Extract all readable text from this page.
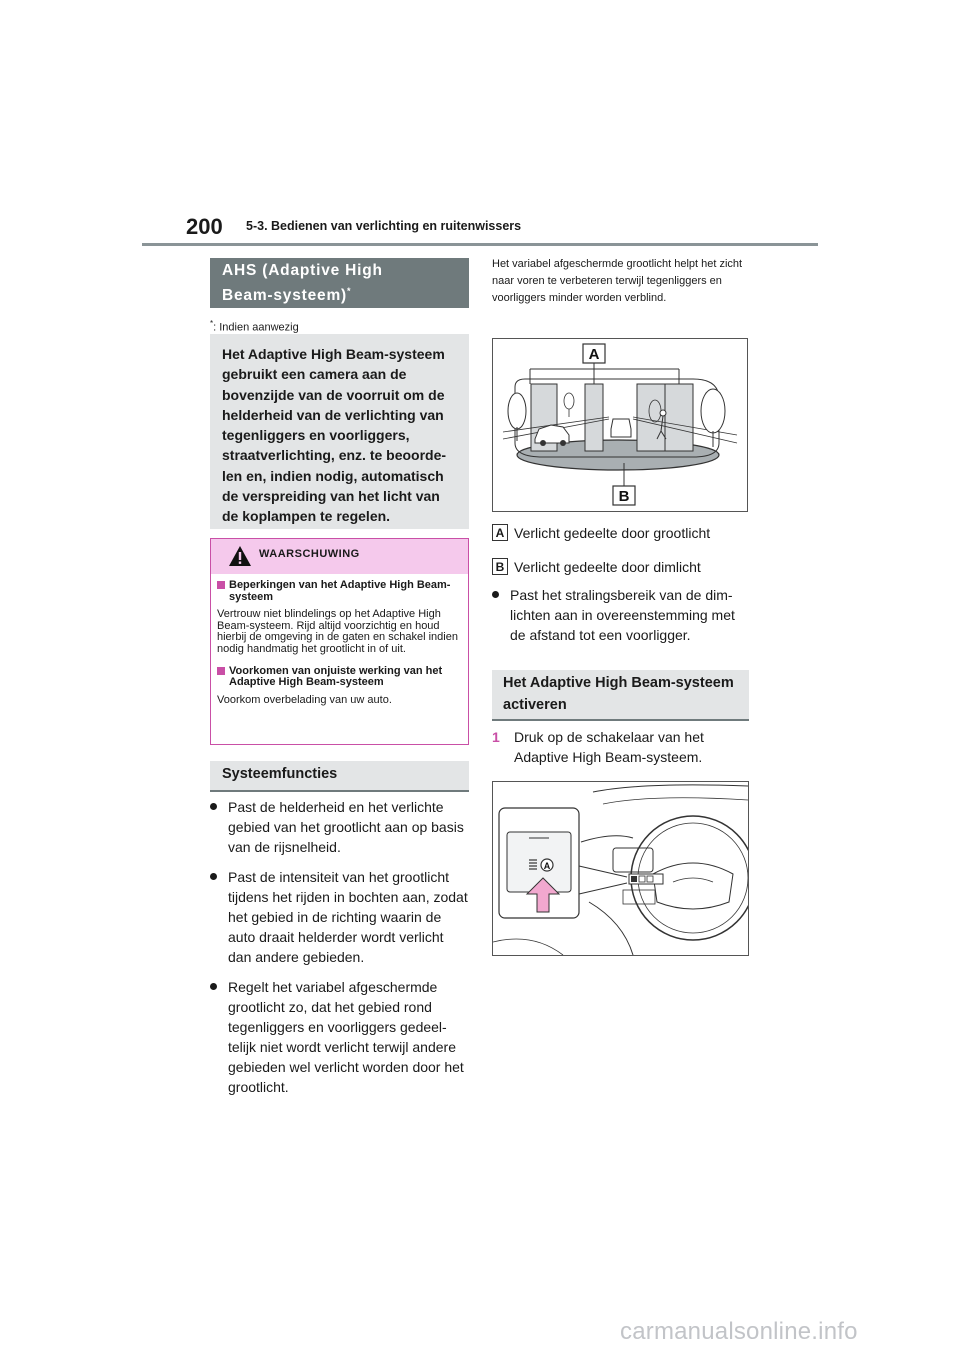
200 5-3. Bedienen van verlichting en ruitenwissers
AHS (Adaptive High
Beam-systeem)*
*: Indien aanwezig
Het Adaptive High Beam-systeem gebruikt een camera aan de bovenzijde van de voorruit om de helderheid van de verlichting van tegenliggers en voorliggers, straatverlichting, enz. te beoorde-len en, indien nodig, automatisch de verspreiding van het licht van de koplampen te regelen.
WAARSCHUWING
Beperkingen van het Adaptive High Beam-systeem
Vertrouw niet blindelings op het Adaptive High Beam-systeem. Rijd altijd voorzichtig en houd hierbij de omgeving in de gaten en schakel indien nodig handmatig het grootlicht in of uit.
Voorkomen van onjuiste werking van het Adaptive High Beam-systeem
Voorkom overbelading van uw auto.
Systeemfuncties
Past de helderheid en het verlichte gebied van het grootlicht aan op basis van de rijsnelheid.
Past de intensiteit van het grootlicht tijdens het rijden in bochten aan, zodat het gebied in de richting waarin de auto draait helderder wordt verlicht dan andere gebieden.
Regelt het variabel afgeschermde grootlicht zo, dat het gebied rond tegenliggers en voorliggers gedeel-telijk niet wordt verlicht terwijl andere gebieden wel verlicht worden door het grootlicht.
Het variabel afgeschermde grootlicht helpt het zicht naar voren te verbeteren terwijl tegenliggers en voorliggers minder worden verblind.
A
B
A Verlicht gedeelte door grootlicht
B Verlicht gedeelte door dimlicht
Past het stralingsbereik van de dim-lichten aan in overeenstemming met de afstand tot een voorligger.
Het Adaptive High Beam-systeem activeren
1	Druk op de schakelaar van het Adaptive High Beam-systeem.
A
carmanualsonline.info
